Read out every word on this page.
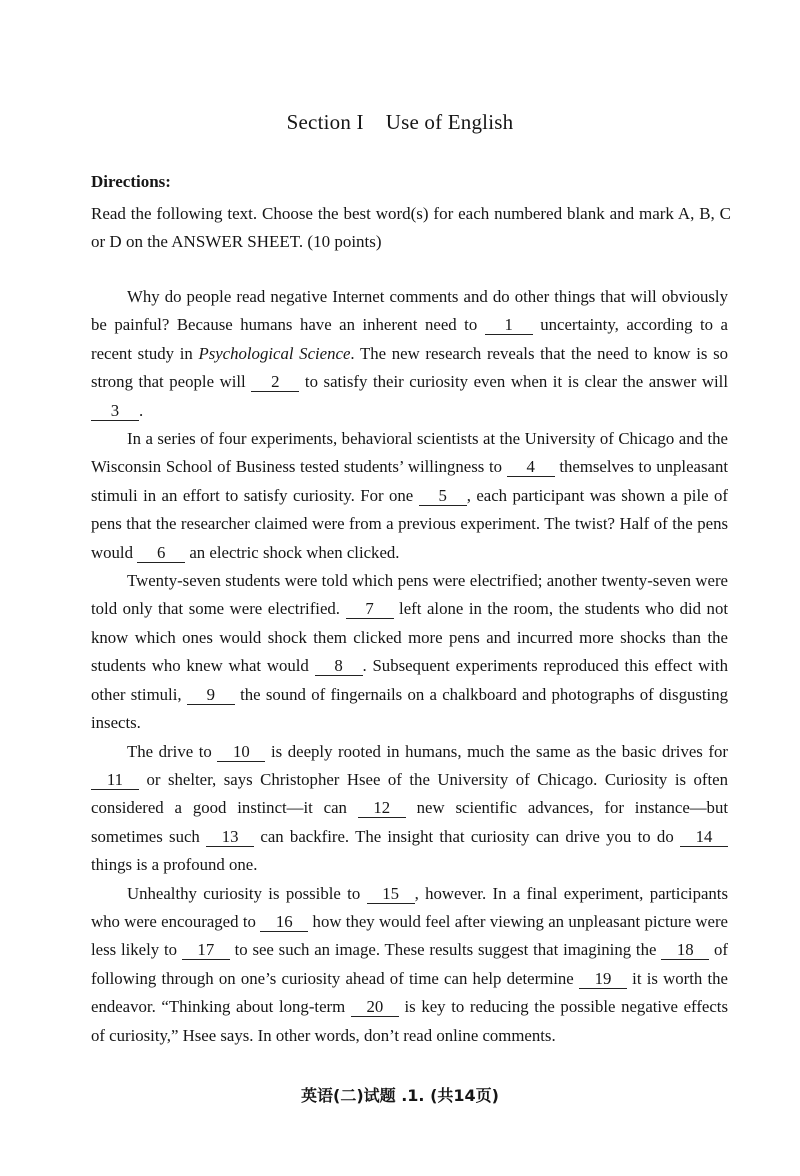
Section I Use of English
Directions:
Read the following text. Choose the best word(s) for each numbered blank and mark A, B, C or D on the ANSWER SHEET. (10 points)

Why do people read negative Internet comments and do other things that will obviously be painful? Because humans have an inherent need to 1 uncertainty, according to a recent study in Psychological Science. The new research reveals that the need to know is so strong that people will 2 to satisfy their curiosity even when it is clear the answer will 3 .

In a series of four experiments, behavioral scientists at the University of Chicago and the Wisconsin School of Business tested students’ willingness to 4 themselves to unpleasant stimuli in an effort to satisfy curiosity. For one 5 , each participant was shown a pile of pens that the researcher claimed were from a previous experiment. The twist? Half of the pens would 6 an electric shock when clicked.

Twenty-seven students were told which pens were electrified; another twenty-seven were told only that some were electrified. 7 left alone in the room, the students who did not know which ones would shock them clicked more pens and incurred more shocks than the students who knew what would 8 . Subsequent experiments reproduced this effect with other stimuli, 9 the sound of fingernails on a chalkboard and photographs of disgusting insects.

The drive to 10 is deeply rooted in humans, much the same as the basic drives for 11 or shelter, says Christopher Hsee of the University of Chicago. Curiosity is often considered a good instinct—it can 12 new scientific advances, for instance—but sometimes such 13 can backfire. The insight that curiosity can drive you to do 14 things is a profound one.

Unhealthy curiosity is possible to 15 , however. In a final experiment, participants who were encouraged to 16 how they would feel after viewing an unpleasant picture were less likely to 17 to see such an image. These results suggest that imagining the 18 of following through on one’s curiosity ahead of time can help determine 19 it is worth the endeavor. “Thinking about long-term 20 is key to reducing the possible negative effects of curiosity,” Hsee says. In other words, don’t read online comments.

英语(二)试题 .1. (共14页)
